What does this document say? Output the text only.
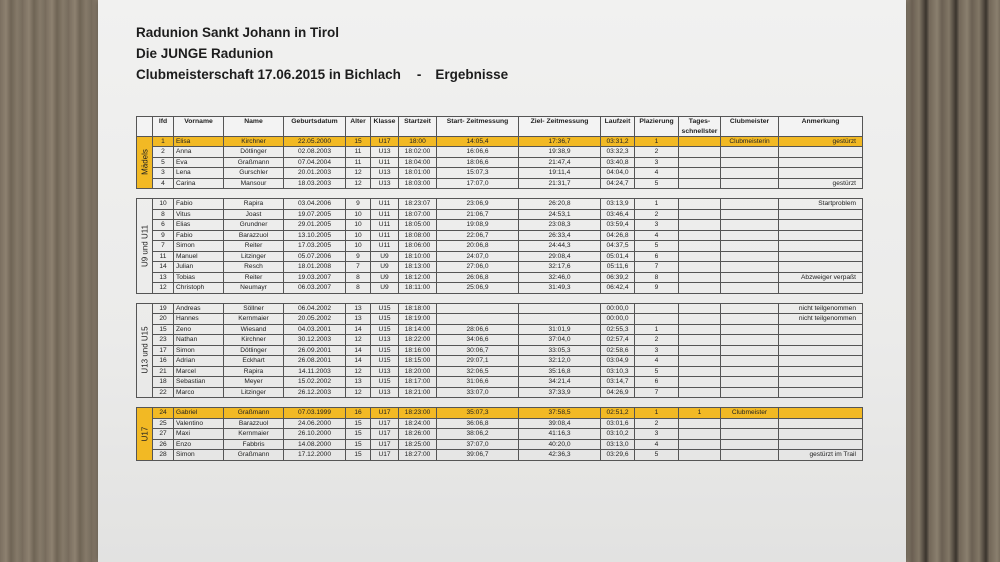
Radunion Sankt Johann in Tirol
Die JUNGE Radunion
Clubmeisterschaft 17.06.2015 in Bichlach - Ergebnisse
	lfd	Vorname	Name	Geburtsdatum	Alter	Klasse	Startzeit	Start- Zeitmessung	Ziel- Zeitmessung	Laufzeit	Plazierung	Tages-	Clubmeister	Anmerkung
												schnellster		

Mädels	1	Elisa	Kirchner	22.05.2000	15	U17	18:00	14:05,4	17:36,7	03:31,2	1		Clubmeisterin	gestürzt
	2	Anna	Dötlinger	02.08.2003	11	U13	18:02:00	16:06,6	19:38,9	03:32,3	2			
	5	Eva	Graßmann	07.04.2004	11	U11	18:04:00	18:06,6	21:47,4	03:40,8	3			
	3	Lena	Gurschler	20.01.2003	12	U13	18:01:00	15:07,3	19:11,4	04:04,0	4			
	4	Carina	Mansour	18.03.2003	12	U13	18:03:00	17:07,0	21:31,7	04:24,7	5			gestürzt

U9 und U11	10	Fabio	Rapira	03.04.2006	9	U11	18:23:07	23:06,9	26:20,8	03:13,9	1			Startproblem
	8	Vitus	Joast	19.07.2005	10	U11	18:07:00	21:06,7	24:53,1	03:46,4	2			
	6	Elias	Grundner	29.01.2005	10	U11	18:05:00	19:08,9	23:08,3	03:59,4	3			
	9	Fabio	Barazzuol	13.10.2005	10	U11	18:08:00	22:06,7	26:33,4	04:26,8	4			
	7	Simon	Reiter	17.03.2005	10	U11	18:06:00	20:06,8	24:44,3	04:37,5	5			
	11	Manuel	Litzinger	05.07.2006	9	U9	18:10:00	24:07,0	29:08,4	05:01,4	6			
	14	Julian	Resch	18.01.2008	7	U9	18:13:00	27:06,0	32:17,6	05:11,6	7			
	13	Tobias	Reiter	19.03.2007	8	U9	18:12:00	26:06,8	32:46,0	06:39,2	8			Abzweiger verpaßt
	12	Christoph	Neumayr	06.03.2007	8	U9	18:11:00	25:06,9	31:49,3	06:42,4	9			

U13 und U15	19	Andreas	Söllner	06.04.2002	13	U15	18:18:00			00:00,0				nicht teilgenommen
	20	Hannes	Kernmaier	20.05.2002	13	U15	18:19:00			00:00,0				nicht teilgenommen
	15	Zeno	Wiesand	04.03.2001	14	U15	18:14:00	28:06,6	31:01,9	02:55,3	1			
	23	Nathan	Kirchner	30.12.2003	12	U13	18:22:00	34:06,6	37:04,0	02:57,4	2			
	17	Simon	Dötlinger	26.09.2001	14	U15	18:16:00	30:06,7	33:05,3	02:58,6	3			
	16	Adrian	Eckhart	26.08.2001	14	U15	18:15:00	29:07,1	32:12,0	03:04,9	4			
	21	Marcel	Rapira	14.11.2003	12	U13	18:20:00	32:06,5	35:16,8	03:10,3	5			
	18	Sebastian	Meyer	15.02.2002	13	U15	18:17:00	31:06,6	34:21,4	03:14,7	6			
	22	Marco	Litzinger	26.12.2003	12	U13	18:21:00	33:07,0	37:33,9	04:26,9	7			

U17	24	Gabriel	Graßmann	07.03.1999	16	U17	18:23:00	35:07,3	37:58,5	02:51,2	1	1	Clubmeister	
	25	Valentino	Barazzuol	24.06.2000	15	U17	18:24:00	36:06,8	39:08,4	03:01,6	2			
	27	Maxi	Kernmaier	26.10.2000	15	U17	18:26:00	38:06,2	41:16,3	03:10,2	3			
	26	Enzo	Fabbris	14.08.2000	15	U17	18:25:00	37:07,0	40:20,0	03:13,0	4			
	28	Simon	Graßmann	17.12.2000	15	U17	18:27:00	39:06,7	42:36,3	03:29,6	5			gestürzt im Trail
